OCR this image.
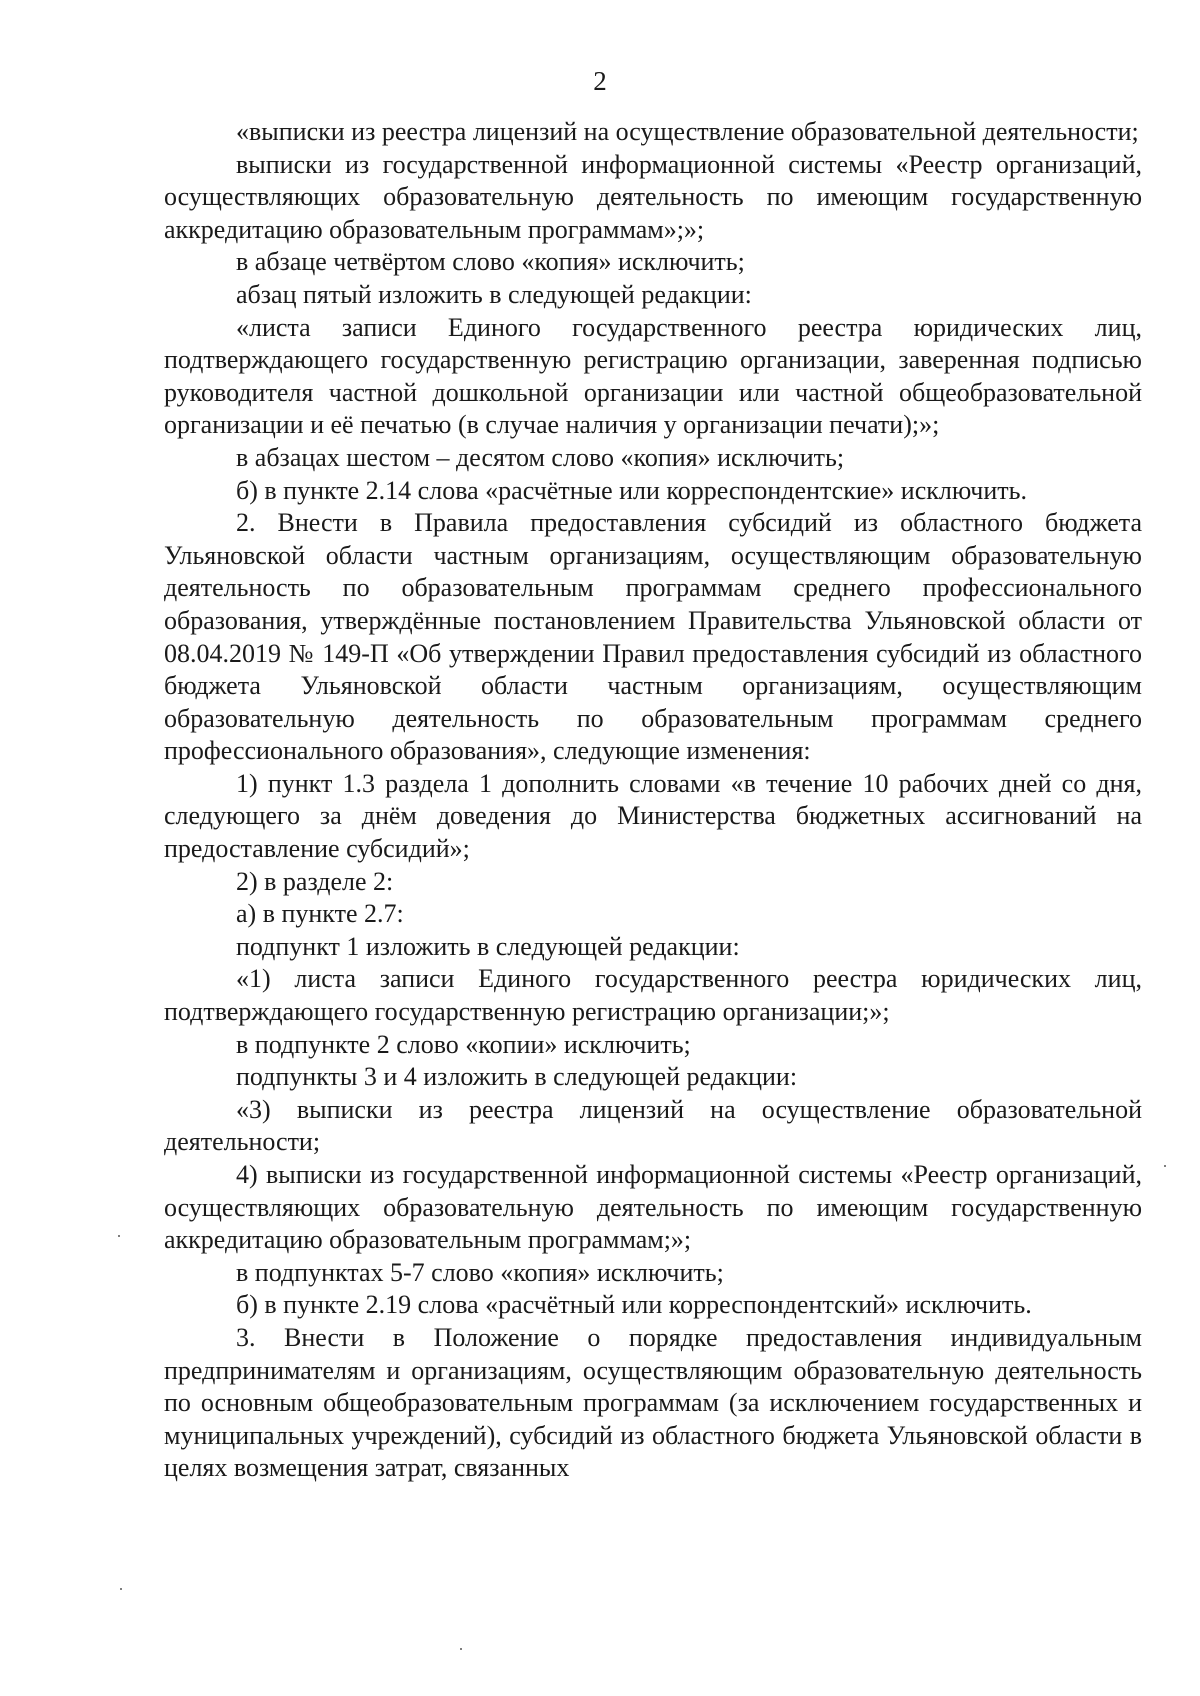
2

«выписки из реестра лицензий на осуществление образовательной деятельности;

выписки из государственной информационной системы «Реестр организаций, осуществляющих образовательную деятельность по имеющим государственную аккредитацию образовательным программам»;»;

в абзаце четвёртом слово «копия» исключить;

абзац пятый изложить в следующей редакции:

«листа записи Единого государственного реестра юридических лиц, подтверждающего государственную регистрацию организации, заверенная подписью руководителя частной дошкольной организации или частной общеобразовательной организации и её печатью (в случае наличия у организации печати);»;

в абзацах шестом – десятом слово «копия» исключить;

б) в пункте 2.14 слова «расчётные или корреспондентские» исключить.

2. Внести в Правила предоставления субсидий из областного бюджета Ульяновской области частным организациям, осуществляющим образовательную деятельность по образовательным программам среднего профессионального образования, утверждённые постановлением Правительства Ульяновской области от 08.04.2019 № 149-П «Об утверждении Правил предоставления субсидий из областного бюджета Ульяновской области частным организациям, осуществляющим образовательную деятельность по образовательным программам среднего профессионального образования», следующие изменения:

1) пункт 1.3 раздела 1 дополнить словами «в течение 10 рабочих дней со дня, следующего за днём доведения до Министерства бюджетных ассигнований на предоставление субсидий»;

2) в разделе 2:

а) в пункте 2.7:

подпункт 1 изложить в следующей редакции:

«1) листа записи Единого государственного реестра юридических лиц, подтверждающего государственную регистрацию организации;»;

в подпункте 2 слово «копии» исключить;

подпункты 3 и 4 изложить в следующей редакции:

«3) выписки из реестра лицензий на осуществление образовательной деятельности;

4) выписки из государственной информационной системы «Реестр организаций, осуществляющих образовательную деятельность по имеющим государственную аккредитацию образовательным программам;»;

в подпунктах 5-7 слово «копия» исключить;

б) в пункте 2.19 слова «расчётный или корреспондентский» исключить.

3. Внести в Положение о порядке предоставления индивидуальным предпринимателям и организациям, осуществляющим образовательную деятельность по основным общеобразовательным программам (за исключением государственных и муниципальных учреждений), субсидий из областного бюджета Ульяновской области в целях возмещения затрат, связанных
